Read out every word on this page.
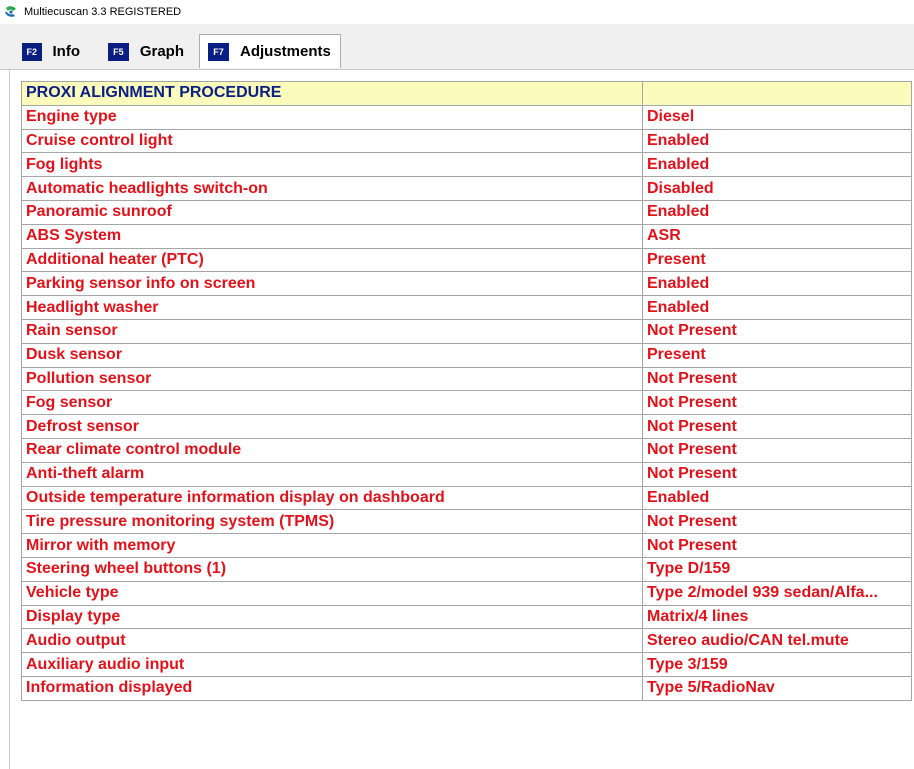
Multiecuscan 3.3 REGISTERED
F2	Info	F5	Graph	F7	Adjustments
PROXI ALIGNMENT PROCEDURE	
Engine type	Diesel
Cruise control light	Enabled
Fog lights	Enabled
Automatic headlights switch-on	Disabled
Panoramic sunroof	Enabled
ABS System	ASR
Additional heater (PTC)	Present
Parking sensor info on screen	Enabled
Headlight washer	Enabled
Rain sensor	Not Present
Dusk sensor	Present
Pollution sensor	Not Present
Fog sensor	Not Present
Defrost sensor	Not Present
Rear climate control module	Not Present
Anti-theft alarm	Not Present
Outside temperature information display on dashboard	Enabled
Tire pressure monitoring system (TPMS)	Not Present
Mirror with memory	Not Present
Steering wheel buttons (1)	Type D/159
Vehicle type	Type 2/model 939 sedan/Alfa...
Display type	Matrix/4 lines
Audio output	Stereo audio/CAN tel.mute
Auxiliary audio input	Type 3/159
Information displayed	Type 5/RadioNav
